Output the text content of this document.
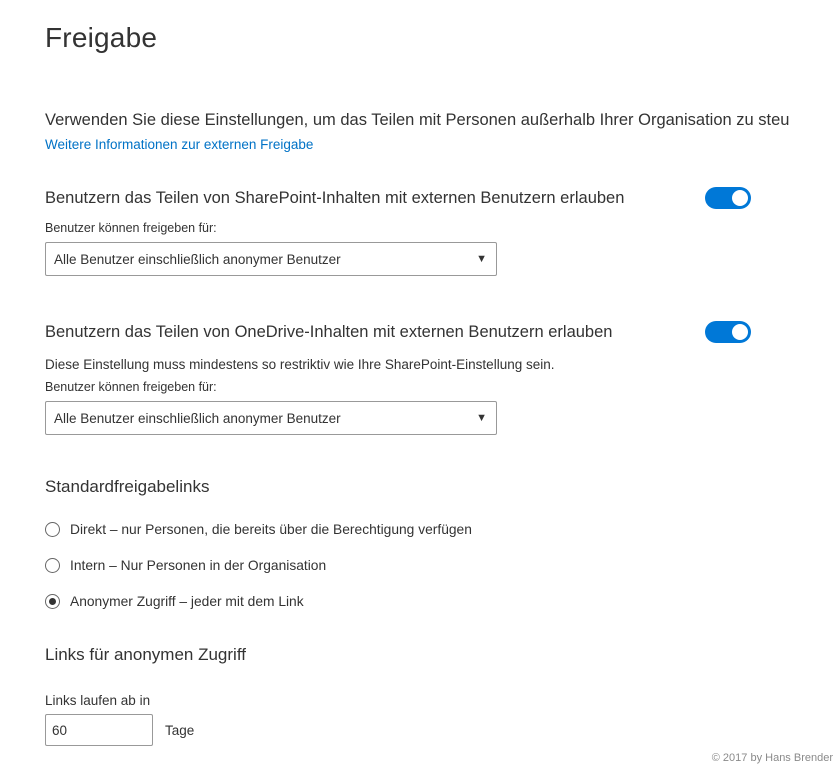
Freigabe
Verwenden Sie diese Einstellungen, um das Teilen mit Personen außerhalb Ihrer Organisation zu steu
Weitere Informationen zur externen Freigabe
Benutzern das Teilen von SharePoint-Inhalten mit externen Benutzern erlauben
Benutzer können freigeben für:
Alle Benutzer einschließlich anonymer Benutzer
▼
Benutzern das Teilen von OneDrive-Inhalten mit externen Benutzern erlauben
Diese Einstellung muss mindestens so restriktiv wie Ihre SharePoint-Einstellung sein.
Benutzer können freigeben für:
Alle Benutzer einschließlich anonymer Benutzer
▼
Standardfreigabelinks
Direkt – nur Personen, die bereits über die Berechtigung verfügen
Intern – Nur Personen in der Organisation
Anonymer Zugriff – jeder mit dem Link
Links für anonymen Zugriff
Links laufen ab in
60
Tage
© 2017 by Hans Brender
